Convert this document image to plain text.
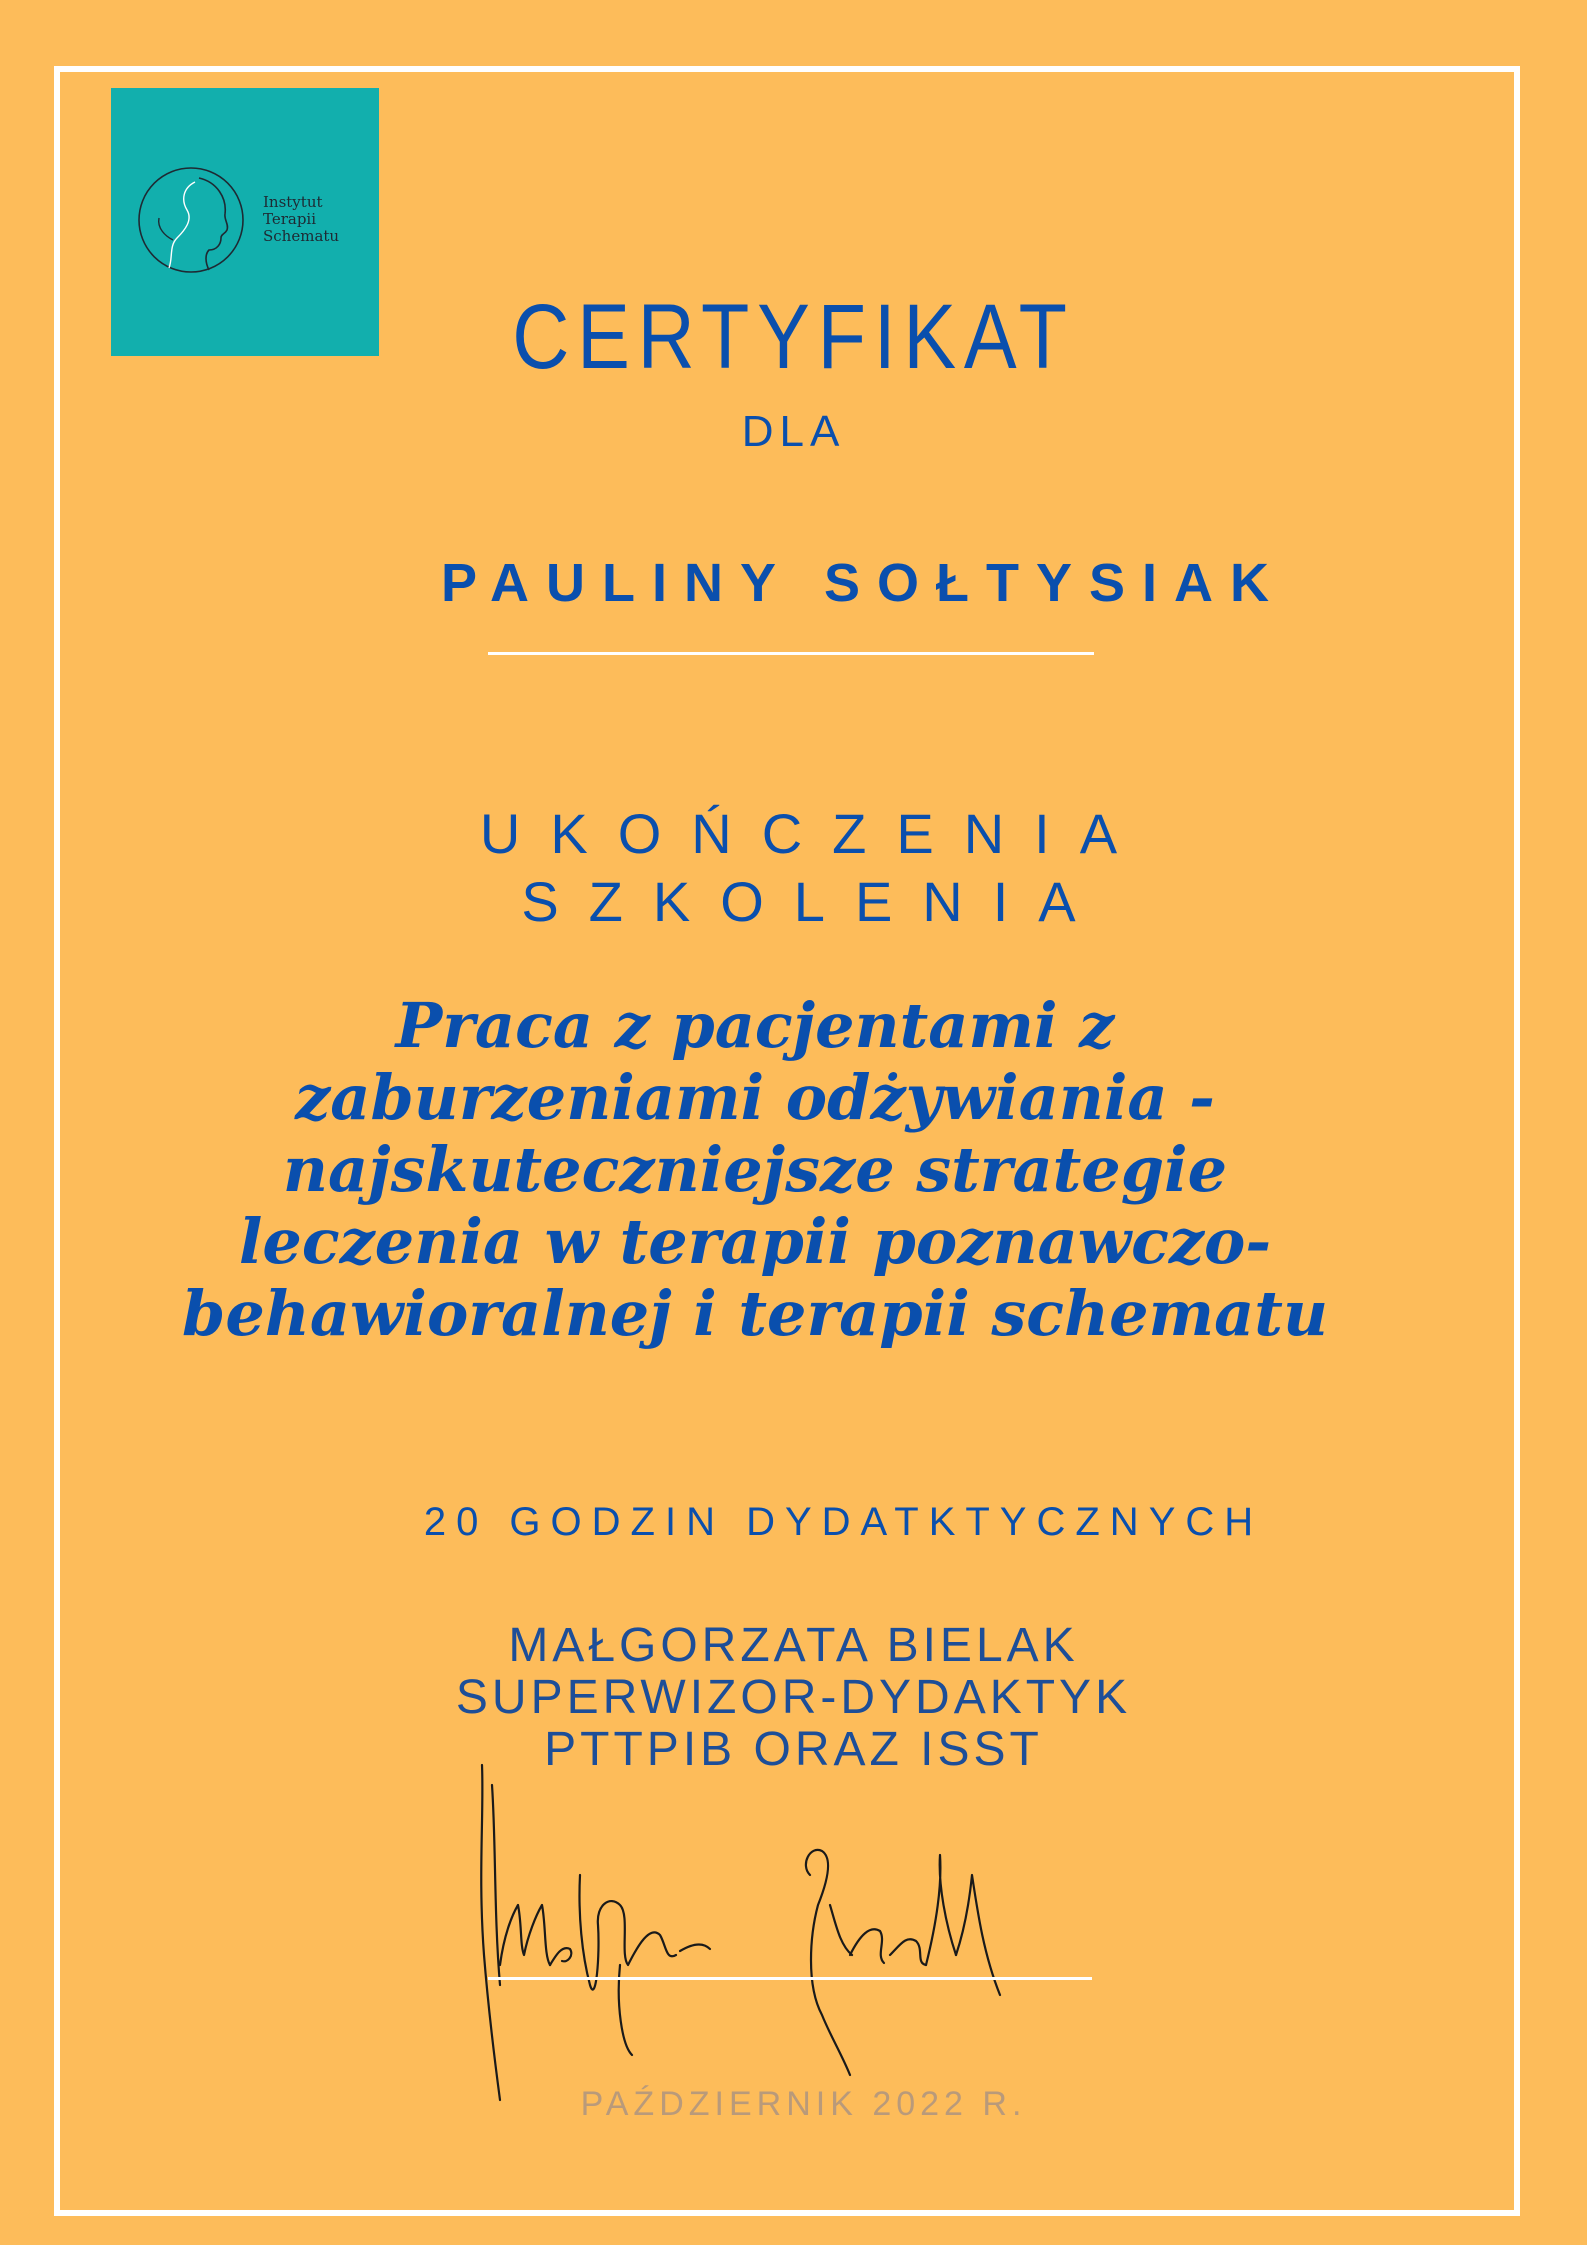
Instytut
Terapii
Schematu
CERTYFIKAT
DLA
PAULINY SOŁTYSIAK
UKOŃCZENIA
SZKOLENIA
Praca z pacjentami z zaburzeniami odżywiania - najskuteczniejsze strategie leczenia w terapii poznawczo-behawioralnej i terapii schematu
20 GODZIN DYDATKTYCZNYCH
MAŁGORZATA BIELAK
SUPERWIZOR-DYDAKTYK
PTTPIB ORAZ ISST
PAŹDZIERNIK 2022 R.
